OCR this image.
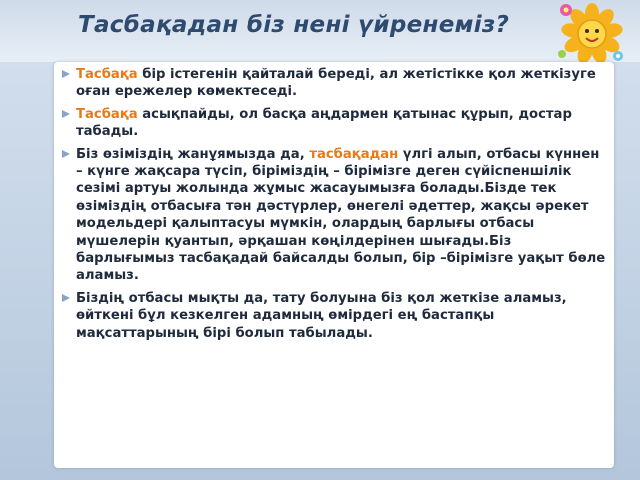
Тасбақадан біз нені үйренеміз?
Тасбақа бір істегенін қайталай береді, ал жетістікке қол жеткізуге оған ережелер көмектеседі.
Тасбақа асықпайды, ол басқа аңдармен қатынас құрып, достар табады.
Біз өзіміздің жанұямызда да, тасбақадан үлгі алып, отбасы күннен – күнге жақсара түсіп, біріміздің – бірімізге деген сүйіспеншілік сезімі артуы жолында жұмыс жасауымызға болады.Бізде тек өзіміздің отбасыға тән дәстүрлер, өнегелі әдеттер, жақсы әрекет модельдері қалыптасуы мүмкін, олардың барлығы отбасы мүшелерін қуантып, әрқашан көңілдерінен шығады.Біз барлығымыз тасбақадай байсалды болып, бір –бірімізге уақыт бөле аламыз.
Біздің отбасы мықты да, тату болуына біз қол жеткізе аламыз, өйткені бұл кезкелген адамның өмірдегі ең бастапқы мақсаттарының бірі болып табылады.
